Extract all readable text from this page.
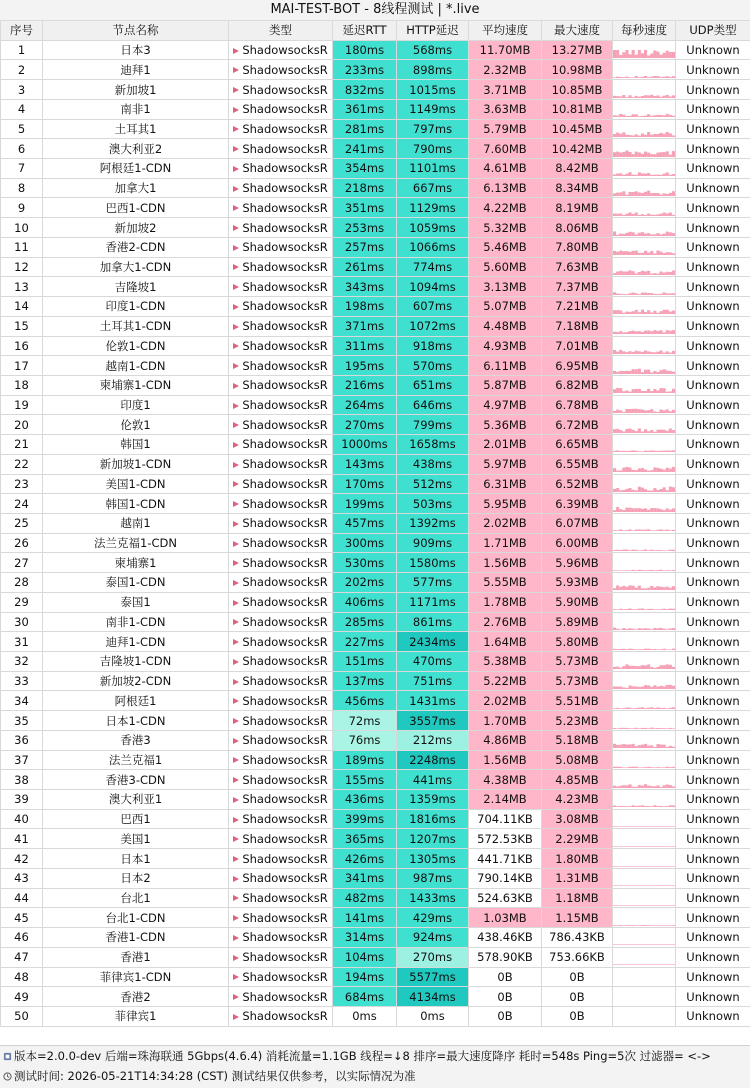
MAI-TEST-BOT - 8线程测试 | *.live
序号	节点名称	类型	延迟RTT	HTTP延迟	平均速度	最大速度	每秒速度	UDP类型
1	日本3	ShadowsocksR	180ms	568ms	11.70MB	13.27MB		Unknown
2	迪拜1	ShadowsocksR	233ms	898ms	2.32MB	10.98MB		Unknown
3	新加坡1	ShadowsocksR	832ms	1015ms	3.71MB	10.85MB		Unknown
4	南非1	ShadowsocksR	361ms	1149ms	3.63MB	10.81MB		Unknown
5	土耳其1	ShadowsocksR	281ms	797ms	5.79MB	10.45MB		Unknown
6	澳大利亚2	ShadowsocksR	241ms	790ms	7.60MB	10.42MB		Unknown
7	阿根廷1-CDN	ShadowsocksR	354ms	1101ms	4.61MB	8.42MB		Unknown
8	加拿大1	ShadowsocksR	218ms	667ms	6.13MB	8.34MB		Unknown
9	巴西1-CDN	ShadowsocksR	351ms	1129ms	4.22MB	8.19MB		Unknown
10	新加坡2	ShadowsocksR	253ms	1059ms	5.32MB	8.06MB		Unknown
11	香港2-CDN	ShadowsocksR	257ms	1066ms	5.46MB	7.80MB		Unknown
12	加拿大1-CDN	ShadowsocksR	261ms	774ms	5.60MB	7.63MB		Unknown
13	吉隆坡1	ShadowsocksR	343ms	1094ms	3.13MB	7.37MB		Unknown
14	印度1-CDN	ShadowsocksR	198ms	607ms	5.07MB	7.21MB		Unknown
15	土耳其1-CDN	ShadowsocksR	371ms	1072ms	4.48MB	7.18MB		Unknown
16	伦敦1-CDN	ShadowsocksR	311ms	918ms	4.93MB	7.01MB		Unknown
17	越南1-CDN	ShadowsocksR	195ms	570ms	6.11MB	6.95MB		Unknown
18	柬埔寨1-CDN	ShadowsocksR	216ms	651ms	5.87MB	6.82MB		Unknown
19	印度1	ShadowsocksR	264ms	646ms	4.97MB	6.78MB		Unknown
20	伦敦1	ShadowsocksR	270ms	799ms	5.36MB	6.72MB		Unknown
21	韩国1	ShadowsocksR	1000ms	1658ms	2.01MB	6.65MB		Unknown
22	新加坡1-CDN	ShadowsocksR	143ms	438ms	5.97MB	6.55MB		Unknown
23	美国1-CDN	ShadowsocksR	170ms	512ms	6.31MB	6.52MB		Unknown
24	韩国1-CDN	ShadowsocksR	199ms	503ms	5.95MB	6.39MB		Unknown
25	越南1	ShadowsocksR	457ms	1392ms	2.02MB	6.07MB		Unknown
26	法兰克福1-CDN	ShadowsocksR	300ms	909ms	1.71MB	6.00MB		Unknown
27	柬埔寨1	ShadowsocksR	530ms	1580ms	1.56MB	5.96MB		Unknown
28	泰国1-CDN	ShadowsocksR	202ms	577ms	5.55MB	5.93MB		Unknown
29	泰国1	ShadowsocksR	406ms	1171ms	1.78MB	5.90MB		Unknown
30	南非1-CDN	ShadowsocksR	285ms	861ms	2.76MB	5.89MB		Unknown
31	迪拜1-CDN	ShadowsocksR	227ms	2434ms	1.64MB	5.80MB		Unknown
32	吉隆坡1-CDN	ShadowsocksR	151ms	470ms	5.38MB	5.73MB		Unknown
33	新加坡2-CDN	ShadowsocksR	137ms	751ms	5.22MB	5.73MB		Unknown
34	阿根廷1	ShadowsocksR	456ms	1431ms	2.02MB	5.51MB		Unknown
35	日本1-CDN	ShadowsocksR	72ms	3557ms	1.70MB	5.23MB		Unknown
36	香港3	ShadowsocksR	76ms	212ms	4.86MB	5.18MB		Unknown
37	法兰克福1	ShadowsocksR	189ms	2248ms	1.56MB	5.08MB		Unknown
38	香港3-CDN	ShadowsocksR	155ms	441ms	4.38MB	4.85MB		Unknown
39	澳大利亚1	ShadowsocksR	436ms	1359ms	2.14MB	4.23MB		Unknown
40	巴西1	ShadowsocksR	399ms	1816ms	704.11KB	3.08MB		Unknown
41	美国1	ShadowsocksR	365ms	1207ms	572.53KB	2.29MB		Unknown
42	日本1	ShadowsocksR	426ms	1305ms	441.71KB	1.80MB		Unknown
43	日本2	ShadowsocksR	341ms	987ms	790.14KB	1.31MB		Unknown
44	台北1	ShadowsocksR	482ms	1433ms	524.63KB	1.18MB		Unknown
45	台北1-CDN	ShadowsocksR	141ms	429ms	1.03MB	1.15MB		Unknown
46	香港1-CDN	ShadowsocksR	314ms	924ms	438.46KB	786.43KB		Unknown
47	香港1	ShadowsocksR	104ms	270ms	578.90KB	753.66KB		Unknown
48	菲律宾1-CDN	ShadowsocksR	194ms	5577ms	0B	0B		Unknown
49	香港2	ShadowsocksR	684ms	4134ms	0B	0B		Unknown
50	菲律宾1	ShadowsocksR	0ms	0ms	0B	0B		Unknown
版本=2.0.0-dev 后端=珠海联通 5Gbps(4.6.4) 消耗流量=1.1GB 线程=↓8 排序=最大速度降序 耗时=548s Ping=5次 过滤器= <->
测试时间: 2026-05-21T14:34:28 (CST) 测试结果仅供参考，以实际情况为准
